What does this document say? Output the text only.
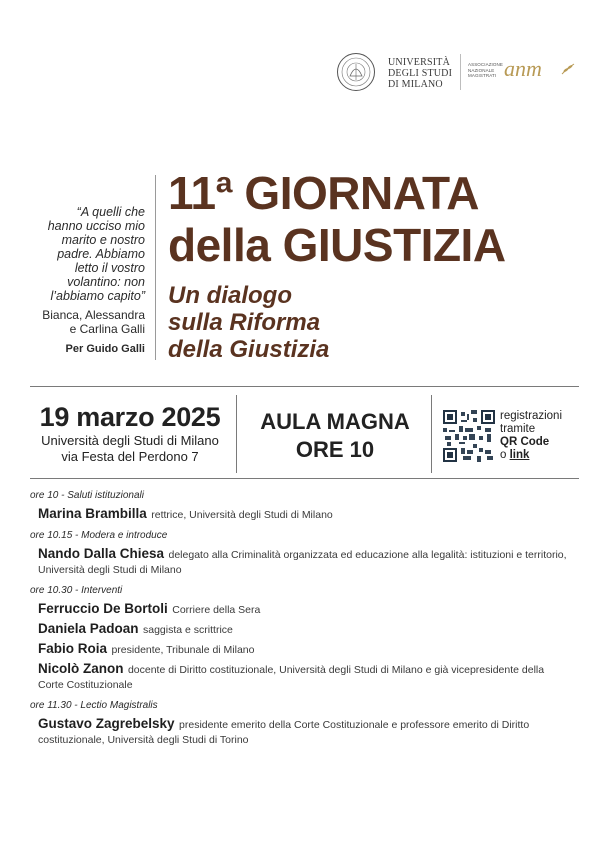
UNIVERSITÀ
DEGLI STUDI
DI MILANO
ASSOCIAZIONE
NAZIONALE
MAGISTRATI anm
“A quelli che
hanno ucciso mio
marito e nostro
padre. Abbiamo
letto il vostro
volantino: non
l’abbiamo capito”
Bianca, Alessandra
e Carlina Galli
Per Guido Galli
11ª GIORNATA
della GIUSTIZIA
Un dialogo
sulla Riforma
della Giustizia
19 marzo 2025
Università degli Studi di Milano
via Festa del Perdono 7
AULA MAGNA
ORE 10
registrazioni
tramite
QR Code
o link
ore 10 - Saluti istituzionali
Marina Brambilla rettrice, Università degli Studi di Milano
ore 10.15 - Modera e introduce
Nando Dalla Chiesa delegato alla Criminalità organizzata ed educazione alla legalità: istituzioni e territorio, Università degli Studi di Milano
ore 10.30 - Interventi
Ferruccio De Bortoli Corriere della Sera
Daniela Padoan saggista e scrittrice
Fabio Roia presidente, Tribunale di Milano
Nicolò Zanon docente di Diritto costituzionale, Università degli Studi di Milano e già vicepresidente della Corte Costituzionale
ore 11.30 - Lectio Magistralis
Gustavo Zagrebelsky presidente emerito della Corte Costituzionale e professore emerito di Diritto costituzionale, Università degli Studi di Torino
